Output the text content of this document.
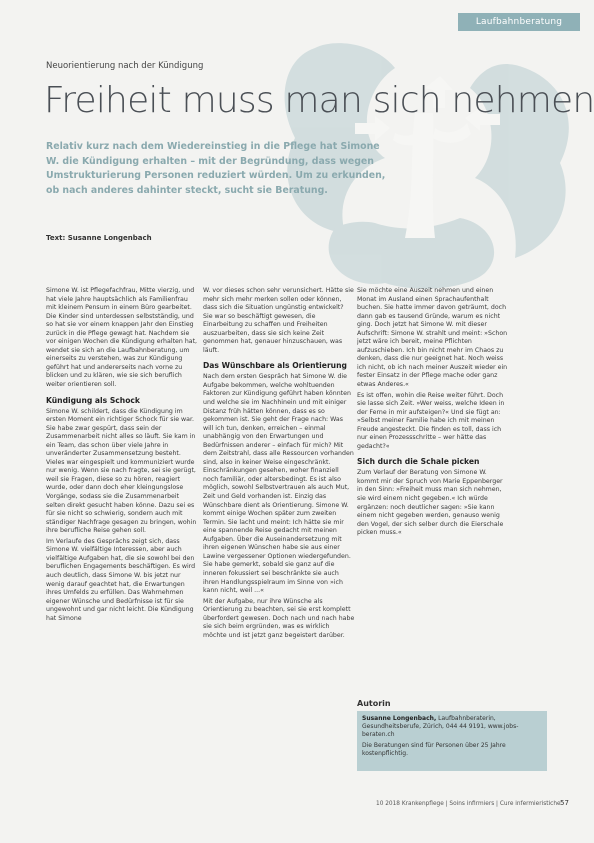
Laufbahnberatung
Neuorientierung nach der Kündigung
Freiheit muss man sich nehmen
Relativ kurz nach dem Wiedereinstieg in die Pflege hat Simone W. die Kündigung erhalten – mit der Begründung, dass wegen Umstrukturierung Personen reduziert würden. Um zu erkunden, ob nach anderes dahinter steckt, sucht sie Beratung.
Text: Susanne Longenbach

Simone W. ist Pflegefachfrau, Mitte vierzig, und hat viele Jahre hauptsächlich als Familienfrau mit kleinem Pensum in einem Büro gearbeitet. Die Kinder sind unterdessen selbstständig, und so hat sie vor einem knappen Jahr den Einstieg zurück in die Pflege gewagt hat. Nachdem sie vor einigen Wochen die Kündigung erhalten hat, wendet sie sich an die Laufbahnberatung, um einerseits zu verstehen, was zur Kündigung geführt hat und andererseits nach vorne zu blicken und zu klären, wie sie sich beruflich weiter orientieren soll.

Kündigung als Schock

Simone W. schildert, dass die Kündigung im ersten Moment ein richtiger Schock für sie war. Sie habe zwar gespürt, dass sein der Zusammenarbeit nicht alles so läuft. Sie kam in ein Team, das schon über viele Jahre in unveränderter Zusammensetzung besteht. Vieles war eingespielt und kommuniziert wurde nur wenig. Wenn sie nach fragte, sei sie gerügt, weil sie Fragen, diese so zu hören, reagiert wurde, oder dann doch eher kleingungslose Vorgänge, sodass sie die Zusammenarbeit selten direkt gesucht haben könne. Dazu sei es für sie nicht so schwierig, sondern auch mit ständiger Nachfrage gesagen zu bringen, wohin ihre berufliche Reise gehen soll.

Im Verlaufe des Gesprächs zeigt sich, dass Simone W. vielfältige Interessen, aber auch vielfältige Aufgaben hat, die sie sowohl bei den beruflichen Engagements beschäftigen. Es wird auch deutlich, dass Simone W. bis jetzt nur wenig darauf geachtet hat, die Erwartungen ihres Umfelds zu erfüllen. Das Wahrnehmen eigener Wünsche und Bedürfnisse ist für sie ungewohnt und gar nicht leicht. Die Kündigung hat Simone

W. vor dieses schon sehr verunsichert. Hätte sie mehr sich mehr merken sollen oder können, dass sich die Situation ungünstig entwickelt? Sie war so beschäftigt gewesen, die Einarbeitung zu schaffen und Freiheiten auszuarbeiten, dass sie sich keine Zeit genommen hat, genauer hinzuschauen, was läuft.

Das Wünschbare als Orientierung

Nach dem ersten Gespräch hat Simone W. die Aufgabe bekommen, welche wohltuenden Faktoren zur Kündigung geführt haben könnten und welche sie im Nachhinein und mit einiger Distanz früh hätten können, dass es so gekommen ist. Sie geht der Frage nach: Was will ich tun, denken, erreichen – einmal unabhängig von den Erwartungen und Bedürfnissen anderer – einfach für mich? Mit dem Zeitstrahl, dass alle Ressourcen vorhanden sind, also in keiner Weise eingeschränkt. Einschränkungen gesehen, woher finanziell noch familiär, oder altersbedingt. Es ist also möglich, sowohl Selbstvertrauen als auch Mut, Zeit und Geld vorhanden ist. Einzig das Wünschbare dient als Orientierung. Simone W. kommt einige Wochen später zum zweiten Termin. Sie lacht und meint: Ich hätte sie mir eine spannende Reise gedacht mit meinen Aufgaben. Über die Auseinandersetzung mit ihren eigenen Wünschen habe sie aus einer Lawine vergessener Optionen wiedergefunden. Sie habe gemerkt, sobald sie ganz auf die inneren fokussiert sei beschränkte sie auch ihren Handlungsspielraum im Sinne von »ich kann nicht, weil ...«

Mit der Aufgabe, nur ihre Wünsche als Orientierung zu beachten, sei sie erst komplett überfordert gewesen. Doch nach und nach habe sie sich beim ergründen, was es wirklich möchte und ist jetzt ganz begeistert darüber.

Sie möchte eine Auszeit nehmen und einen Monat im Ausland einen Sprachaufenthalt buchen. Sie hatte immer davon geträumt, doch dann gab es tausend Gründe, warum es nicht ging. Doch jetzt hat Simone W. mit dieser Aufschrift: Simone W. strahlt und meint: »Schon jetzt wäre ich bereit, meine Pflichten aufzuschieben. Ich bin nicht mehr im Chaos zu denken, dass die nur geeignet hat. Noch weiss ich nicht, ob ich nach meiner Auszeit wieder ein fester Einsatz in der Pflege mache oder ganz etwas Anderes.«

Es ist offen, wohin die Reise weiter führt. Doch sie lasse sich Zeit. »Wer weiss, welche Ideen in der Ferne in mir aufsteigen?« Und sie fügt an: »Selbst meiner Familie habe ich mit meinen Freude angesteckt. Die finden es toll, dass ich nur einen Prozessschritte – wer hätte das gedacht?«

Sich durch die Schale picken

Zum Verlauf der Beratung von Simone W. kommt mir der Spruch von Marie Eppenberger in den Sinn: »Freiheit muss man sich nehmen, sie wird einem nicht gegeben.« Ich würde ergänzen: noch deutlicher sagen: »Sie kann einem nicht gegeben werden, genauso wenig den Vogel, der sich selber durch die Eierschale picken muss.«

Autorin
Susanne Longenbach, Laufbahnberaterin, Gesundheitsberufe, Zürich, 044 44 9191, www.jobs-beraten.ch
Die Beratungen sind für Personen über 25 Jahre kostenpflichtig.
10 2018 Krankenpflege | Soins infirmiers | Cure infermieristiche 57
